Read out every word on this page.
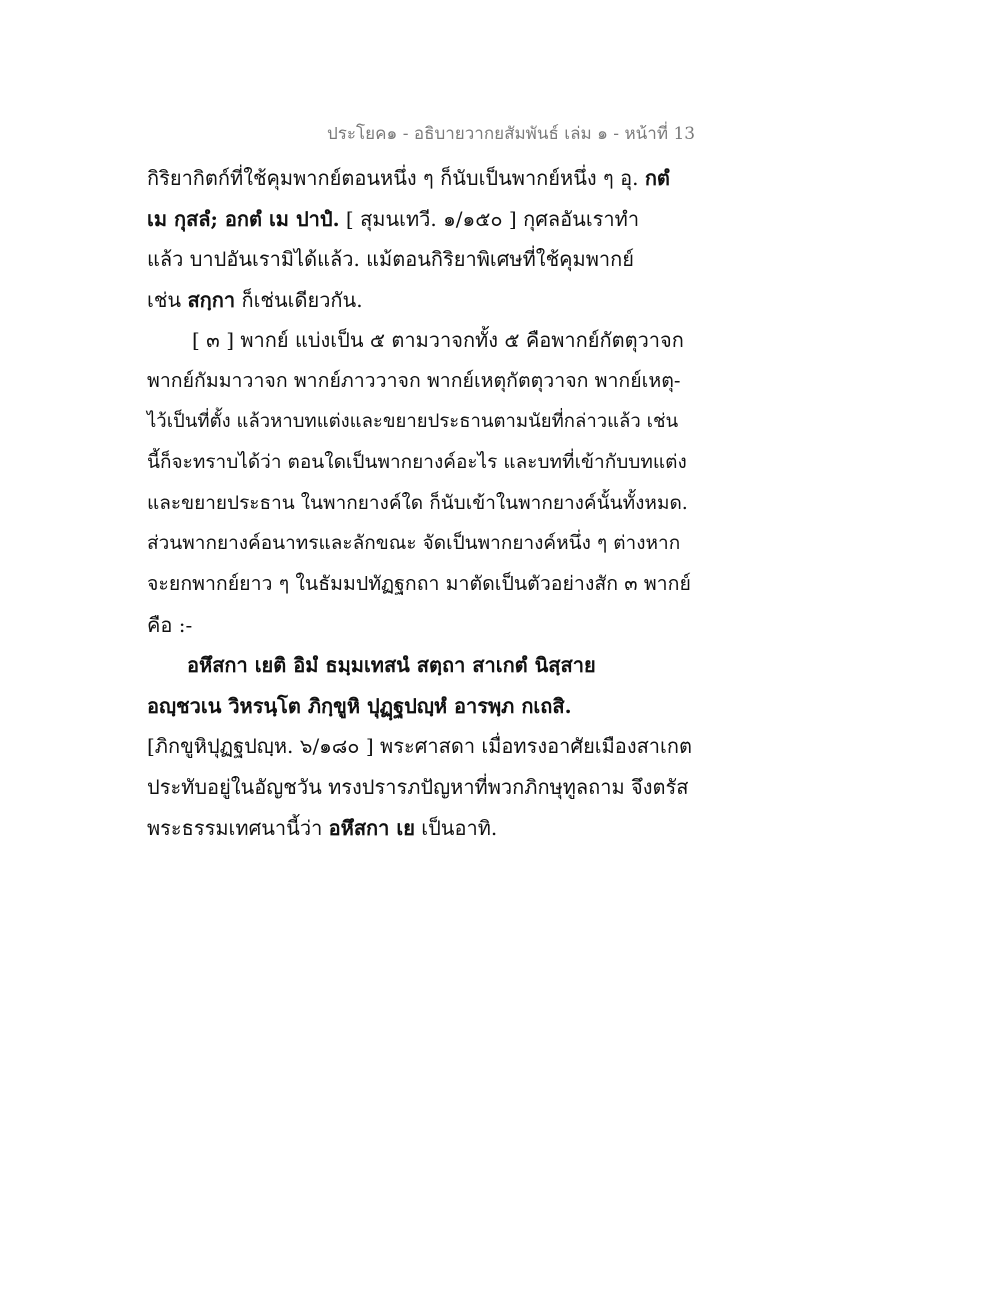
ประโยค๑ - อธิบายวากยสัมพันธ์ เล่ม ๑ - หน้าที่ 13
กิริยากิตก์ที่ใช้คุมพากย์ตอนหนึ่ง ๆ ก็นับเป็นพากย์หนึ่ง ๆ อุ. กตํ
เม กุสลํ; อกตํ เม ปาปํ. [ สุมนเทวี. ๑/๑๕๐ ] กุศลอันเราทำ
แล้ว บาปอันเรามิได้แล้ว. แม้ตอนกิริยาพิเศษที่ใช้คุมพากย์
เช่น สกฺกา ก็เช่นเดียวกัน.
[ ๓ ] พากย์ แบ่งเป็น ๕ ตามวาจกทั้ง ๕ คือพากย์กัตตุวาจก
พากย์กัมมาวาจก พากย์ภาววาจก พากย์เหตุกัตตุวาจก พากย์เหตุ-
ไว้เป็นที่ตั้ง แล้วหาบทแต่งและขยายประธานตามนัยที่กล่าวแล้ว เช่น
นี้ก็จะทราบได้ว่า ตอนใดเป็นพากยางค์อะไร และบทที่เข้ากับบทแต่ง
และขยายประธาน ในพากยางค์ใด ก็นับเข้าในพากยางค์นั้นทั้งหมด.
ส่วนพากยางค์อนาทรและลักขณะ จัดเป็นพากยางค์หนึ่ง ๆ ต่างหาก
จะยกพากย์ยาว ๆ ในธัมมปทัฏฐกถา มาตัดเป็นตัวอย่างสัก ๓ พากย์
คือ :-
อหึสกา เยติ อิมํ ธมฺมเทสนํ สตฺถา สาเกตํ นิสฺสาย
อญฺชวเน วิหรนฺโต ภิกฺขูหิ ปุฏฺฐปญฺหํ อารพฺภ กเถสิ.
[ภิกขูหิปุฏฐปญฺห. ๖/๑๘๐ ] พระศาสดา เมื่อทรงอาศัยเมืองสาเกต
ประทับอยู่ในอัญชวัน ทรงปรารภปัญหาที่พวกภิกษุทูลถาม จึงตรัส
พระธรรมเทศนานี้ว่า อหึสกา เย เป็นอาทิ.
